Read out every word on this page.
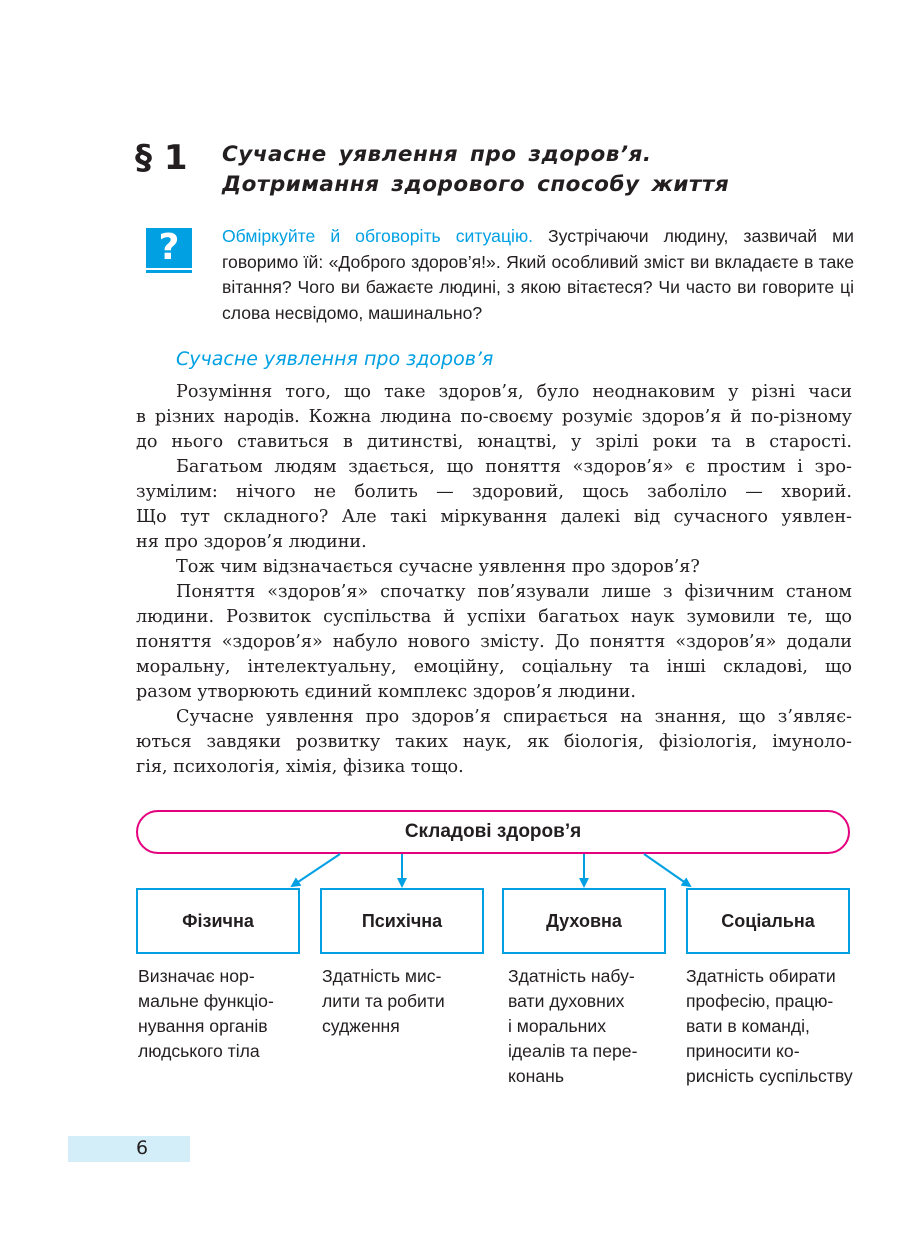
§ 1 Сучасне уявлення про здоров’я.
Дотримання здорового способу життя
?	Обміркуйте й обговоріть ситуацію. Зустрічаючи людину, зазвичай ми говоримо їй: «Доброго здоров’я!». Який особливий зміст ви вкладаєте в таке вітання? Чого ви бажаєте людині, з якою вітаєтеся? Чи часто ви говорите ці слова несвідомо, машинально?
Сучасне уявлення про здоров’я
Розуміння того, що таке здоров’я, було неоднаковим у різні часи
в різних народів. Кожна людина по-своєму розуміє здоров’я й по-різному
до нього ставиться в дитинстві, юнацтві, у зрілі роки та в старості.
Багатьом людям здається, що поняття «здоров’я» є простим і зро-
зумілим: нічого не болить — здоровий, щось заболіло — хворий.
Що тут складного? Але такі міркування далекі від сучасного уявлен-
ня про здоров’я людини.
Тож чим відзначається сучасне уявлення про здоров’я?
Поняття «здоров’я» спочатку пов’язували лише з фізичним станом
людини. Розвиток суспільства й успіхи багатьох наук зумовили те, що
поняття «здоров’я» набуло нового змісту. До поняття «здоров’я» додали
моральну, інтелектуальну, емоційну, соціальну та інші складові, що
разом утворюють єдиний комплекс здоров’я людини.
Сучасне уявлення про здоров’я спирається на знання, що з’являє-
ються завдяки розвитку таких наук, як біологія, фізіологія, імуноло-
гія, психологія, хімія, фізика тощо.
Складові здоров’я
Фізична	Психічна	Духовна	Соціальна
Визначає нор-
мальне функціо-
нування органів
людського тіла
Здатність мис-
лити та робити
судження
Здатність набу-
вати духовних
і моральних
ідеалів та пере-
конань
Здатність обирати
професію, працю-
вати в команді,
приносити ко-
рисність суспільству
6
